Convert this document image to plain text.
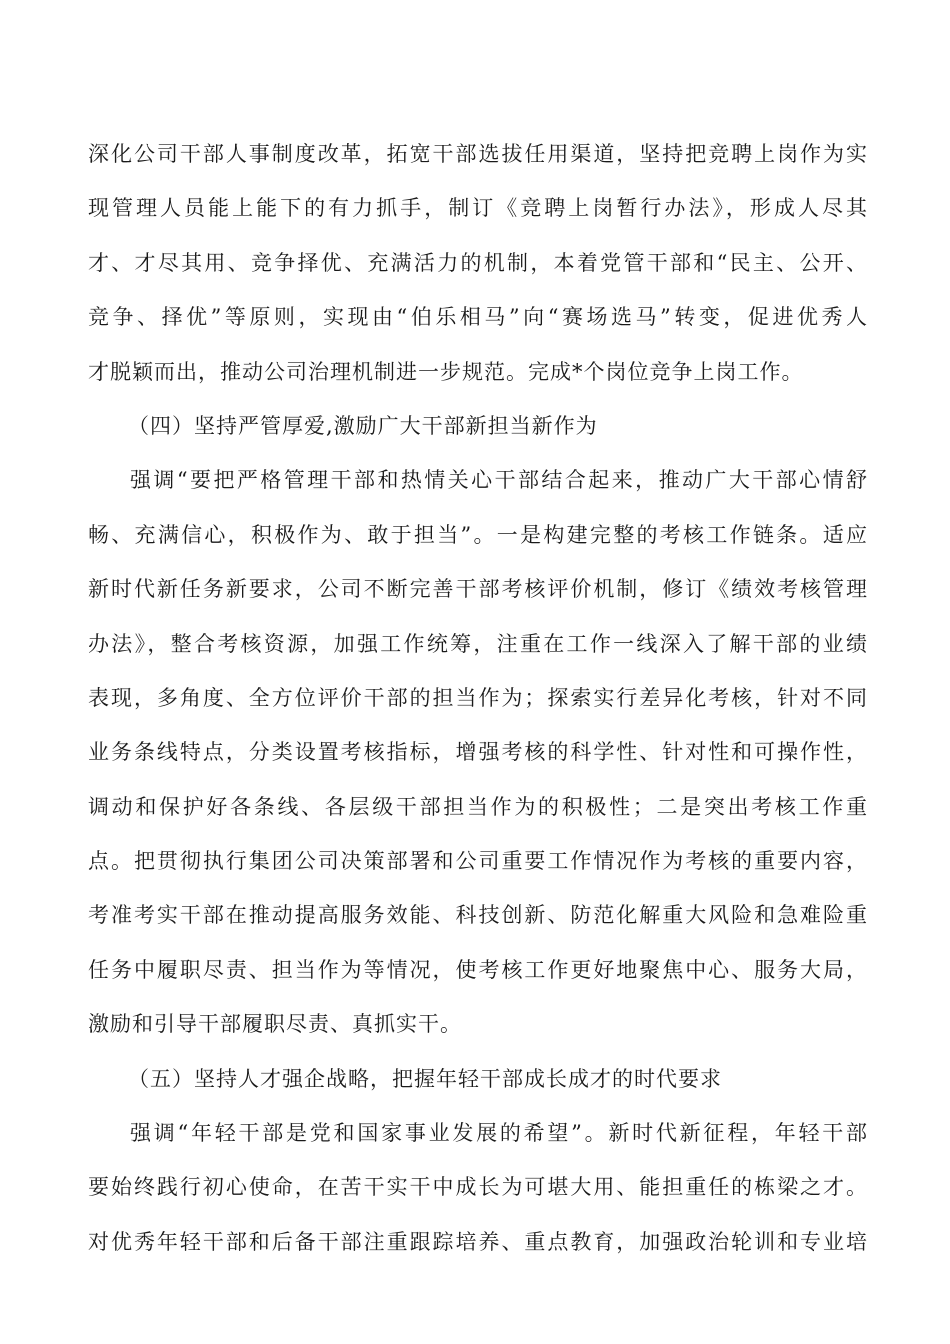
深化公司干部人事制度改革，拓宽干部选拔任用渠道，坚持把竞聘上岗作为实
现管理人员能上能下的有力抓手，制订《竞聘上岗暂行办法》，形成人尽其
才、才尽其用、竞争择优、充满活力的机制，本着党管干部和“民主、公开、
竞争、择优”等原则，实现由“伯乐相马”向“赛场选马”转变，促进优秀人
才脱颖而出，推动公司治理机制进一步规范。完成*个岗位竞争上岗工作。
（四）坚持严管厚爱,激励广大干部新担当新作为
强调“要把严格管理干部和热情关心干部结合起来，推动广大干部心情舒
畅、充满信心，积极作为、敢于担当”。一是构建完整的考核工作链条。适应
新时代新任务新要求，公司不断完善干部考核评价机制，修订《绩效考核管理
办法》，整合考核资源，加强工作统筹，注重在工作一线深入了解干部的业绩
表现，多角度、全方位评价干部的担当作为；探索实行差异化考核，针对不同
业务条线特点，分类设置考核指标，增强考核的科学性、针对性和可操作性，
调动和保护好各条线、各层级干部担当作为的积极性；二是突出考核工作重
点。把贯彻执行集团公司决策部署和公司重要工作情况作为考核的重要内容，
考准考实干部在推动提高服务效能、科技创新、防范化解重大风险和急难险重
任务中履职尽责、担当作为等情况，使考核工作更好地聚焦中心、服务大局，
激励和引导干部履职尽责、真抓实干。
（五）坚持人才强企战略，把握年轻干部成长成才的时代要求
强调“年轻干部是党和国家事业发展的希望”。新时代新征程，年轻干部
要始终践行初心使命，在苦干实干中成长为可堪大用、能担重任的栋梁之才。
对优秀年轻干部和后备干部注重跟踪培养、重点教育，加强政治轮训和专业培
